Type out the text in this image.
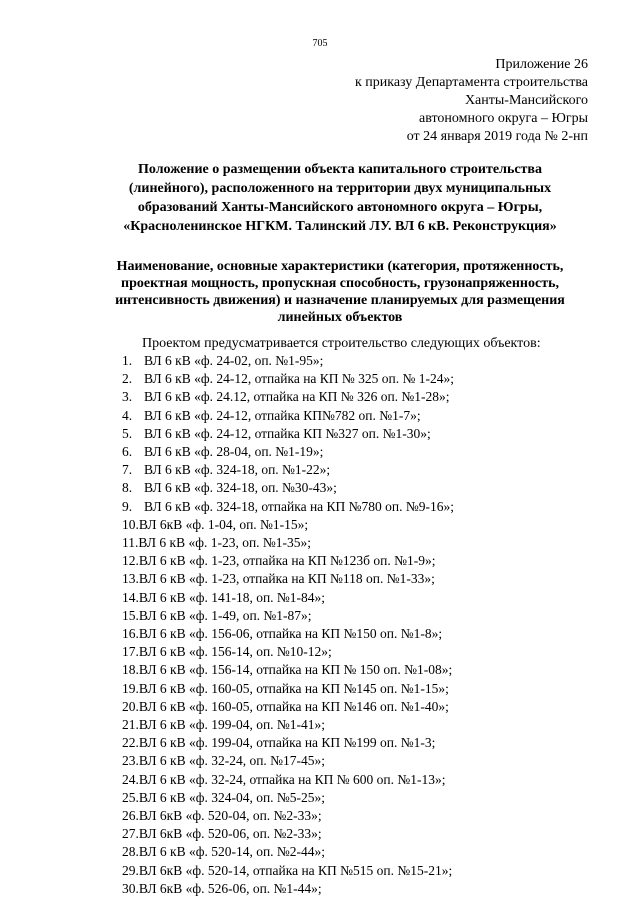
705
Приложение 26
к приказу Департамента строительства
Ханты-Мансийского
автономного округа – Югры
от 24 января 2019 года № 2-нп
Положение о размещении объекта капитального строительства
(линейного), расположенного на территории двух муниципальных
образований Ханты-Мансийского автономного округа – Югры,
«Красноленинское НГКМ. Талинский ЛУ. ВЛ 6 кВ. Реконструкция»
Наименование, основные характеристики (категория, протяженность,
проектная мощность, пропускная способность, грузонапряженность,
интенсивность движения) и назначение планируемых для размещения
линейных объектов
Проектом предусматривается строительство следующих объектов:
1. ВЛ 6 кВ «ф. 24-02, оп. №1-95»;
2. ВЛ 6 кВ «ф. 24-12, отпайка на КП № 325 оп. № 1-24»;
3. ВЛ 6 кВ «ф. 24.12, отпайка на КП № 326 оп. №1-28»;
4. ВЛ 6 кВ «ф. 24-12, отпайка КП№782 оп. №1-7»;
5. ВЛ 6 кВ «ф. 24-12, отпайка КП №327 оп. №1-30»;
6. ВЛ 6 кВ «ф. 28-04, оп. №1-19»;
7. ВЛ 6 кВ «ф. 324-18, оп. №1-22»;
8. ВЛ 6 кВ «ф. 324-18, оп. №30-43»;
9. ВЛ 6 кВ «ф. 324-18, отпайка на КП №780 оп. №9-16»;
10.ВЛ 6кВ «ф. 1-04, оп. №1-15»;
11.ВЛ 6 кВ «ф. 1-23, оп. №1-35»;
12.ВЛ 6 кВ «ф. 1-23, отпайка на КП №123б оп. №1-9»;
13.ВЛ 6 кВ «ф. 1-23, отпайка на КП №118 оп. №1-33»;
14.ВЛ 6 кВ «ф. 141-18, оп. №1-84»;
15.ВЛ 6 кВ «ф. 1-49, оп. №1-87»;
16.ВЛ 6 кВ «ф. 156-06, отпайка на КП №150 оп. №1-8»;
17.ВЛ 6 кВ «ф. 156-14, оп. №10-12»;
18.ВЛ 6 кВ «ф. 156-14, отпайка на КП № 150 оп. №1-08»;
19.ВЛ 6 кВ «ф. 160-05, отпайка на КП №145 оп. №1-15»;
20.ВЛ 6 кВ «ф. 160-05, отпайка на КП №146 оп. №1-40»;
21.ВЛ 6 кВ «ф. 199-04, оп. №1-41»;
22.ВЛ 6 кВ «ф. 199-04, отпайка на КП №199 оп. №1-3;
23.ВЛ 6 кВ «ф. 32-24, оп. №17-45»;
24.ВЛ 6 кВ «ф. 32-24, отпайка на КП № 600 оп. №1-13»;
25.ВЛ 6 кВ «ф. 324-04, оп. №5-25»;
26.ВЛ 6кВ «ф. 520-04, оп. №2-33»;
27.ВЛ 6кВ «ф. 520-06, оп. №2-33»;
28.ВЛ 6 кВ «ф. 520-14, оп. №2-44»;
29.ВЛ 6кВ «ф. 520-14, отпайка на КП №515 оп. №15-21»;
30.ВЛ 6кВ «ф. 526-06, оп. №1-44»;
